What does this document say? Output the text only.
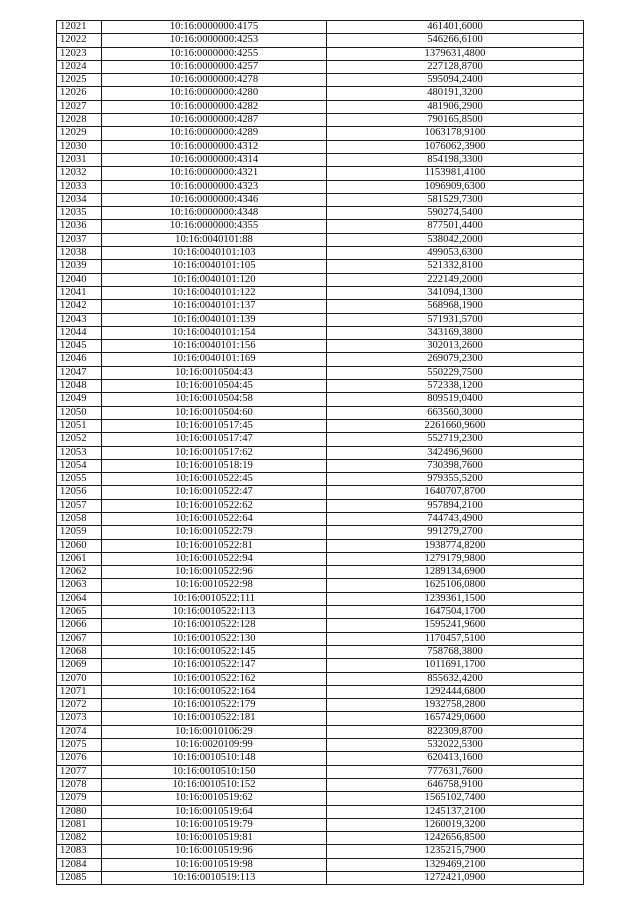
12021	10:16:0000000:4175	461401,6000
12022	10:16:0000000:4253	546266,6100
12023	10:16:0000000:4255	1379631,4800
12024	10:16:0000000:4257	227128,8700
12025	10:16:0000000:4278	595094,2400
12026	10:16:0000000:4280	480191,3200
12027	10:16:0000000:4282	481906,2900
12028	10:16:0000000:4287	790165,8500
12029	10:16:0000000:4289	1063178,9100
12030	10:16:0000000:4312	1076062,3900
12031	10:16:0000000:4314	854198,3300
12032	10:16:0000000:4321	1153981,4100
12033	10:16:0000000:4323	1096909,6300
12034	10:16:0000000:4346	581529,7300
12035	10:16:0000000:4348	590274,5400
12036	10:16:0000000:4355	877501,4400
12037	10:16:0040101:88	538042,2000
12038	10:16:0040101:103	499053,6300
12039	10:16:0040101:105	521332,8100
12040	10:16:0040101:120	222149,2000
12041	10:16:0040101:122	341094,1300
12042	10:16:0040101:137	568968,1900
12043	10:16:0040101:139	571931,5700
12044	10:16:0040101:154	343169,3800
12045	10:16:0040101:156	302013,2600
12046	10:16:0040101:169	269079,2300
12047	10:16:0010504:43	550229,7500
12048	10:16:0010504:45	572338,1200
12049	10:16:0010504:58	809519,0400
12050	10:16:0010504:60	663560,3000
12051	10:16:0010517:45	2261660,9600
12052	10:16:0010517:47	552719,2300
12053	10:16:0010517:62	342496,9600
12054	10:16:0010518:19	730398,7600
12055	10:16:0010522:45	979355,5200
12056	10:16:0010522:47	1640707,8700
12057	10:16:0010522:62	957894,2100
12058	10:16:0010522:64	744743,4900
12059	10:16:0010522:79	991279,2700
12060	10:16:0010522:81	1938774,8200
12061	10:16:0010522:94	1279179,9800
12062	10:16:0010522:96	1289134,6900
12063	10:16:0010522:98	1625106,0800
12064	10:16:0010522:111	1239361,1500
12065	10:16:0010522:113	1647504,1700
12066	10:16:0010522:128	1595241,9600
12067	10:16:0010522:130	1170457,5100
12068	10:16:0010522:145	758768,3800
12069	10:16:0010522:147	1011691,1700
12070	10:16:0010522:162	855632,4200
12071	10:16:0010522:164	1292444,6800
12072	10:16:0010522:179	1932758,2800
12073	10:16:0010522:181	1657429,0600
12074	10:16:0010106:29	822309,8700
12075	10:16:0020109:99	532022,5300
12076	10:16:0010510:148	620413,1600
12077	10:16:0010510:150	777631,7600
12078	10:16:0010510:152	646758,9100
12079	10:16:0010519:62	1565102,7400
12080	10:16:0010519:64	1245137,2100
12081	10:16:0010519:79	1260019,3200
12082	10:16:0010519:81	1242656,8500
12083	10:16:0010519:96	1235215,7900
12084	10:16:0010519:98	1329469,2100
12085	10:16:0010519:113	1272421,0900
